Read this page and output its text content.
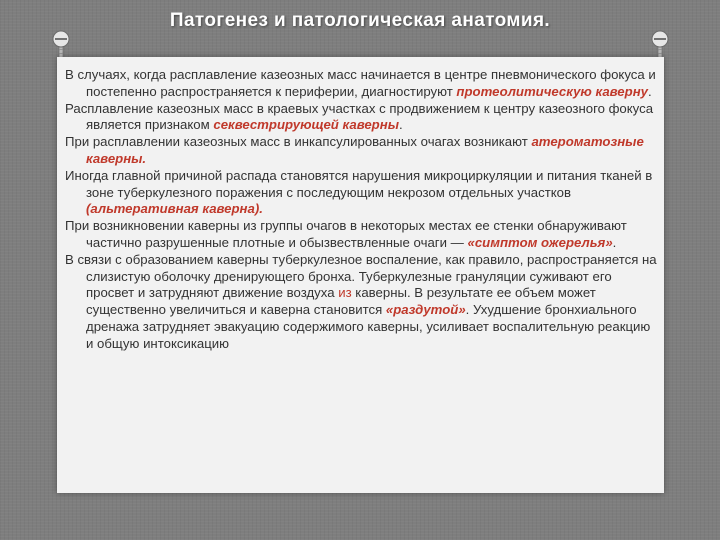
Патогенез и патологическая анатомия.

В случаях, когда расплавление казеозных масс начинается в центре пневмонического фокуса и постепенно распространяется к периферии, диагностируют протеолитическую каверну.

Расплавление казеозных масс в краевых участках с продвижением к центру казеозного фокуса является признаком секвестрирующей каверны.

При расплавлении казеозных масс в инкапсулированных очагах возникают атероматозные каверны.

Иногда главной причиной распада становятся нарушения микроциркуляции и питания тканей в зоне туберкулезного поражения с последующим некрозом отдельных участков (альтеративная каверна).

При возникновении каверны из группы очагов в некоторых местах ее стенки обнаруживают частично разрушенные плотные и обызвествленные очаги — «симптом ожерелья».

В связи с образованием каверны туберкулезное воспаление, как правило, распространяется на слизистую оболочку дренирующего бронха. Туберкулезные грануляции суживают его просвет и затрудняют движение воздуха из каверны. В результате ее объем может существенно увеличиться и каверна становится «раздутой». Ухудшение бронхиального дренажа затрудняет эвакуацию содержимого каверны, усиливает воспалительную реакцию и общую интоксикацию
